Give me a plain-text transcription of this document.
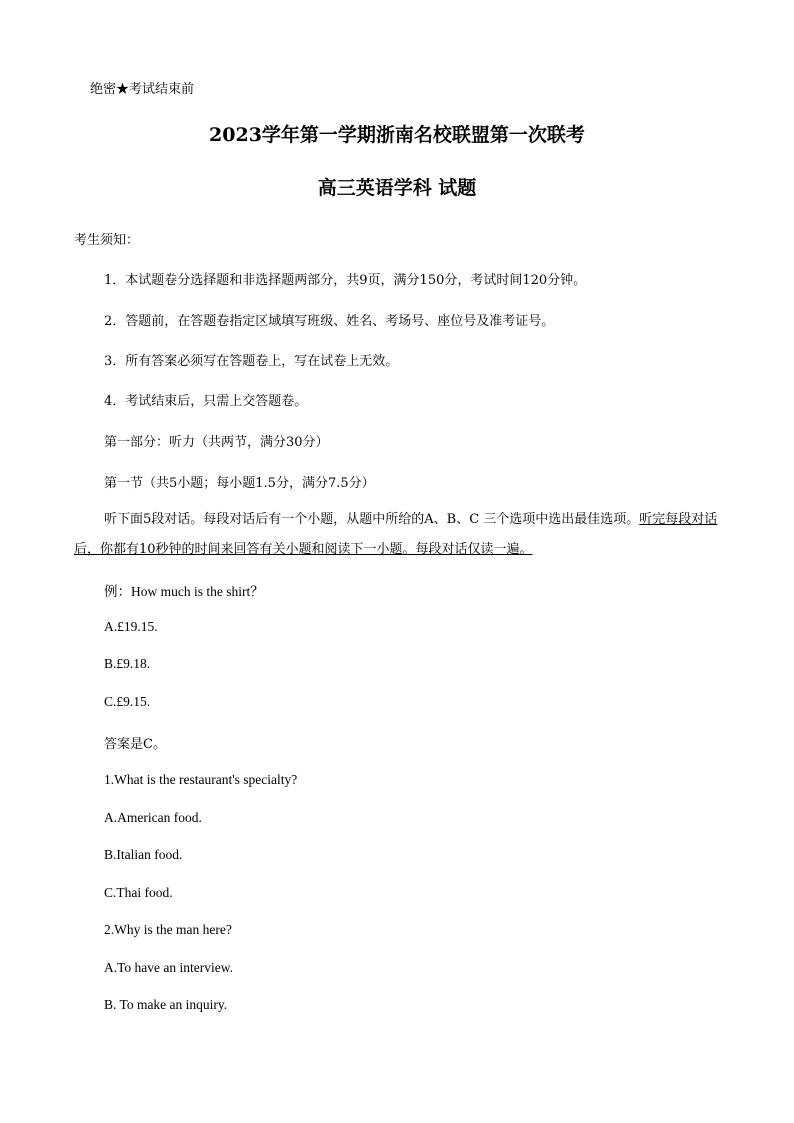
绝密★考试结束前
2023学年第一学期浙南名校联盟第一次联考
高三英语学科 试题
考生须知：
1．本试题卷分选择题和非选择题两部分，共9页，满分150分，考试时间120分钟。
2．答题前，在答题卷指定区域填写班级、姓名、考场号、座位号及准考证号。
3．所有答案必须写在答题卷上，写在试卷上无效。
4．考试结束后，只需上交答题卷。
第一部分：听力（共两节，满分30分）
第一节（共5小题；每小题1.5分，满分7.5分）
听下面5段对话。每段对话后有一个小题，从题中所给的A、B、C 三个选项中选出最佳选项。听完每段对话后，你都有10秒钟的时间来回答有关小题和阅读下一小题。每段对话仅读一遍。
例：How much is the shirt？
A.£19.15.
B.£9.18.
C.£9.15.
答案是C。
1.What is the restaurant's specialty?
A.American food.
B.Italian food.
C.Thai food.
2.Why is the man here?
A.To have an interview.
B. To make an inquiry.
